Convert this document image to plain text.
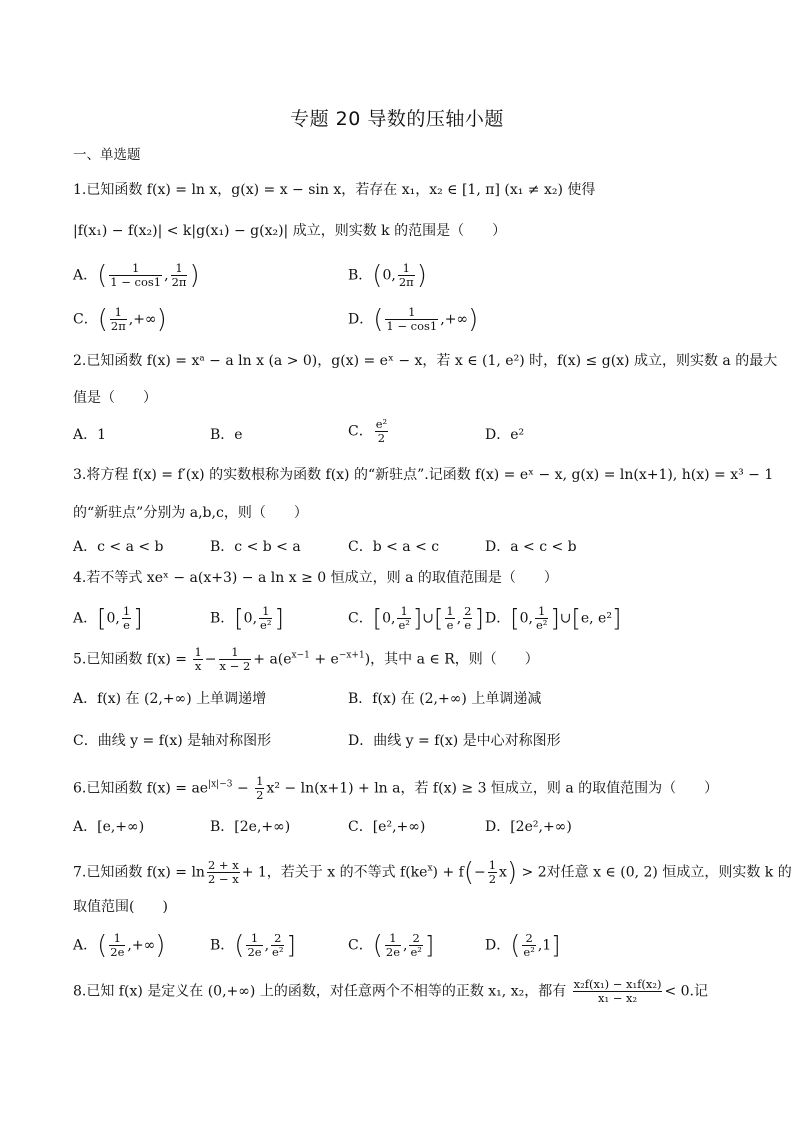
专题 20 导数的压轴小题
一、单选题
1.已知函数 f(x) = ln x，g(x) = x − sin x，若存在 x₁，x₂ ∈ [1, π] (x₁ ≠ x₂) 使得
|f(x₁) − f(x₂)| < k|g(x₁) − g(x₂)| 成立，则实数 k 的范围是（　　）
A．( $\frac{1}{1 - \cos 1}$ , $\frac{1}{2\pi}$ )	B．(0, $\frac{1}{2\pi}$ )
C．( $\frac{1}{2\pi}$ ,+∞)	D．( $\frac{1}{1 - \cos 1}$ ,+∞)
2.已知函数 f(x) = xᵃ − a ln x (a > 0)，g(x) = eˣ − x，若 x ∈ (1, e²) 时，f(x) ≤ g(x) 成立，则实数 a 的最大
值是（　　）
A．1	B．e	C． $\frac{\text{e²}}{2}$	D．e²
3.将方程 f(x) = f′(x) 的实数根称为函数 f(x) 的“新驻点”.记函数 f(x) = eˣ − x, g(x) = ln(x+1), h(x) = x³ − 1
的“新驻点”分别为 a,b,c，则（　　）
A．c < a < b	B．c < b < a	C．b < a < c	D．a < c < b
4.若不等式 xeˣ − a(x+3) − a ln x ≥ 0 恒成立，则 a 的取值范围是（　　）
A．[0, $\frac{1}{e}$ ]	B．[0, $\frac{1}{\text{e²}}$ ]	C．[0, $\frac{1}{\text{e²}}$ ]∪[ $\frac{1}{e}$ , $\frac{2}{e}$ ] D．[0, $\frac{1}{\text{e²}}$ ]∪[e, e²]
5.已知函数 $f(x) = \frac{1}{x} - \frac{1}{x - 2} + a(e^{x-1} + e^{-x+1})$，其中 a ∈ R，则（　　）
A．f(x) 在 (2,+∞) 上单调递增	B．f(x) 在 (2,+∞) 上单调递减
C．曲线 y = f(x) 是轴对称图形	D．曲线 y = f(x) 是中心对称图形
6.已知函数 $f(x) = ae^{|x|-3} - \frac{1}{2} x^2 - \ln(x+1) + \ln a$，若 f(x) ≥ 3 恒成立，则 a 的取值范围为（　　）
A．[e,+∞)	B．[2e,+∞)	C．[e²,+∞)	D．[2e²,+∞)
7.已知函数 $f(x) = \ln \frac{2 + x}{2 - x} + 1$，若关于 x 的不等式 $f(ke^x) + f(- \frac{1}{2} x) > 2$对任意 x ∈ (0, 2) 恒成立，则实数 k 的
取值范围(　　)
A．( $\frac{1}{2e}$ ,+∞)	B．( $\frac{1}{2e}$ , $\frac{2}{\text{e²}}$ ]	C．( $\frac{1}{2e}$ , $\frac{2}{\text{e²}}$ ]	D．( $\frac{2}{\text{e²}} ,1$]
8.已知 f(x) 是定义在 (0,+∞) 上的函数，对任意两个不相等的正数 x₁, x₂，都有 $\frac{\text{x₂f(x₁) − x₁f(x₂)}}{\text{x₁ − x₂}} < 0$.记
